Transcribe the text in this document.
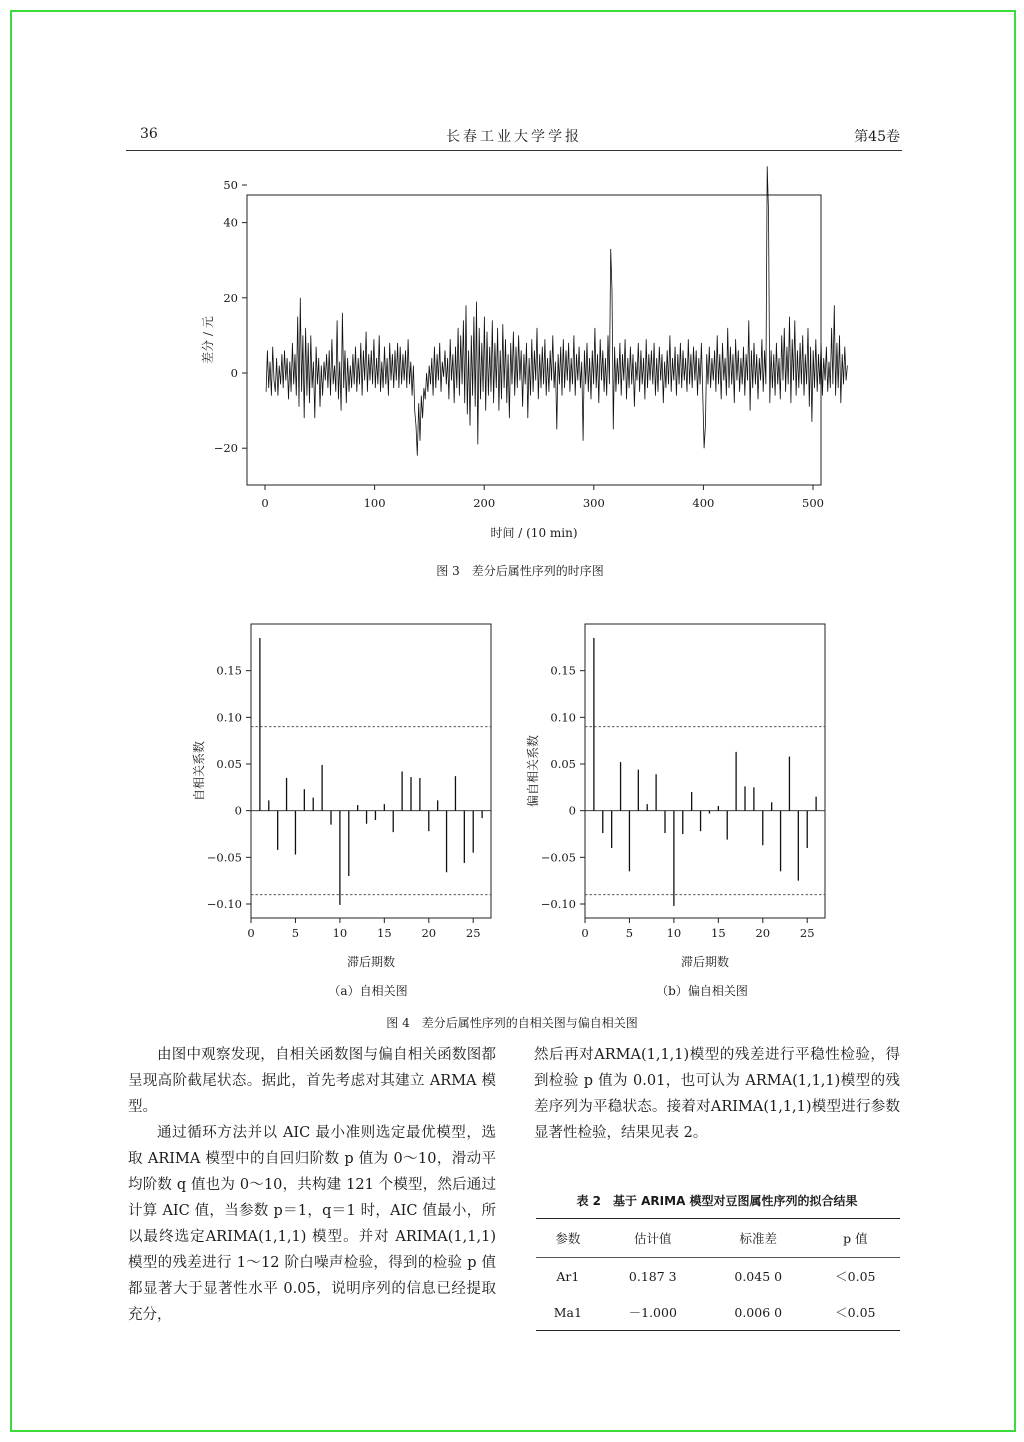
36	长春工业大学学报	第45卷
0	100	200	300	400	500
−20
0
20
40
50
时间 / (10 min)
差分 / 元
图 3　差分后属性序列的时序图
0	5	10	15	20	25
0.15
0.10
0.05
0
−0.05
−0.10
滞后期数
自相关系数
0	5	10	15	20	25
0.15
0.10
0.05
0
−0.05
−0.10
滞后期数
偏自相关系数
（a）自相关图	（b）偏自相关图
图 4　差分后属性序列的自相关图与偏自相关图

由图中观察发现，自相关函数图与偏自相关函数图都呈现高阶截尾状态。据此，首先考虑对其建立 ARMA 模型。

通过循环方法并以 AIC 最小准则选定最优模型，选取 ARIMA 模型中的自回归阶数 p 值为 0～10，滑动平均阶数 q 值也为 0～10，共构建 121 个模型，然后通过计算 AIC 值，当参数 p＝1，q＝1 时，AIC 值最小，所以最终选定ARIMA(1,1,1) 模型。并对 ARIMA(1,1,1)模型的残差进行 1～12 阶白噪声检验，得到的检验 p 值都显著大于显著性水平 0.05，说明序列的信息已经提取充分，

然后再对ARMA(1,1,1)模型的残差进行平稳性检验，得到检验 p 值为 0.01，也可认为 ARMA(1,1,1)模型的残差序列为平稳状态。接着对ARIMA(1,1,1)模型进行参数显著性检验，结果见表 2。

表 2　基于 ARIMA 模型对豆图属性序列的拟合结果
参数	估计值	标准差	p 值
Ar1	0.187 3	0.045 0	＜0.05
Ma1	－1.000	0.006 0	＜0.05
